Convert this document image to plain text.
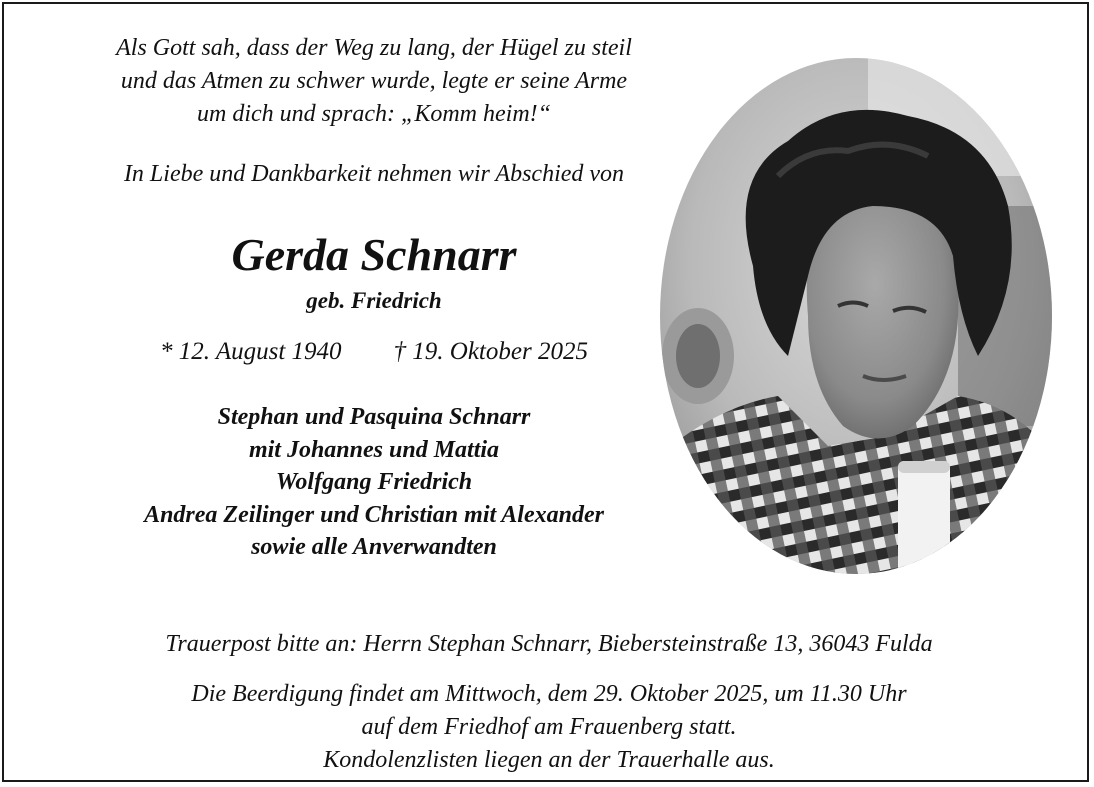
Als Gott sah, dass der Weg zu lang, der Hügel zu steil
und das Atmen zu schwer wurde, legte er seine Arme
um dich und sprach: „Komm heim!“
In Liebe und Dankbarkeit nehmen wir Abschied von
Gerda Schnarr
geb. Friedrich
* 12. August 1940 † 19. Oktober 2025
Stephan und Pasquina Schnarr
mit Johannes und Mattia
Wolfgang Friedrich
Andrea Zeilinger und Christian mit Alexander
sowie alle Anverwandten
Trauerpost bitte an: Herrn Stephan Schnarr, Biebersteinstraße 13, 36043 Fulda
Die Beerdigung findet am Mittwoch, dem 29. Oktober 2025, um 11.30 Uhr
auf dem Friedhof am Frauenberg statt.
Kondolenzlisten liegen an der Trauerhalle aus.
